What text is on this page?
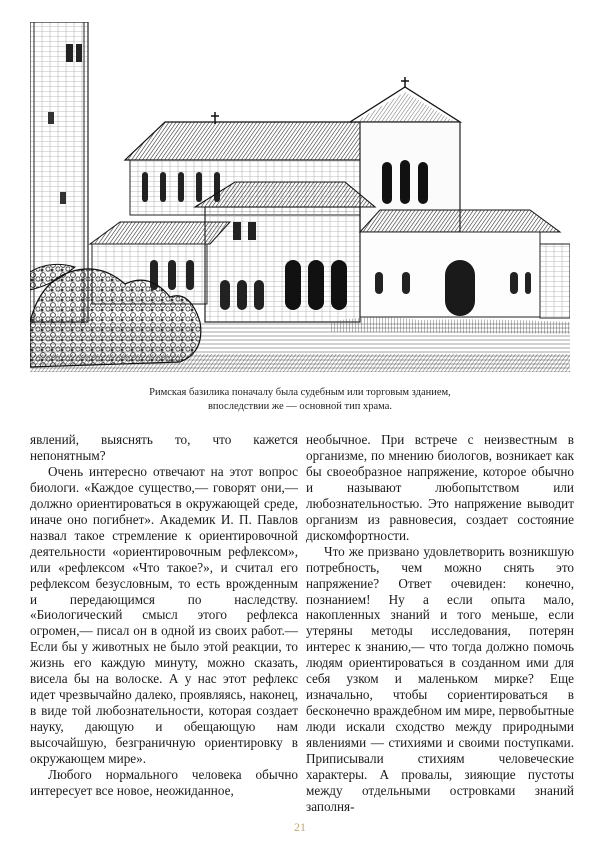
Римская базилика поначалу была судебным или торговым зданием,
впоследствии же — основной тип храма.

явлений, выяснять то, что кажется непонятным?

Очень интересно отвечают на этот вопрос биологи. «Каждое существо,— говорят они,— должно ориентироваться в окружающей среде, иначе оно погибнет». Академик И. П. Павлов назвал такое стремление к ориентировочной деятельности «ориентировочным рефлексом», или «рефлексом «Что такое?», и считал его рефлексом безусловным, то есть врожденным и передающимся по наследству. «Биологический смысл этого рефлекса огромен,— писал он в одной из своих работ.— Если бы у животных не было этой реакции, то жизнь его каждую минуту, можно сказать, висела бы на волоске. А у нас этот рефлекс идет чрезвычайно далеко, проявляясь, наконец, в виде той любознательности, которая создает науку, дающую и обещающую нам высочайшую, безграничную ориентировку в окружающем мире».

Любого нормального человека обычно интересует все новое, неожиданное,

необычное. При встрече с неизвестным в организме, по мнению биологов, возникает как бы своеобразное напряжение, которое обычно и называют любопытством или любознательностью. Это напряжение выводит организм из равновесия, создает состояние дискомфортности.

Что же призвано удовлетворить возникшую потребность, чем можно снять это напряжение? Ответ очевиден: конечно, познанием! Ну а если опыта мало, накопленных знаний и того меньше, если утеряны методы исследования, потерян интерес к знанию,— что тогда должно помочь людям ориентироваться в созданном ими для себя узком и маленьком мирке? Еще изначально, чтобы сориентироваться в бесконечно враждебном им мире, первобытные люди искали сходство между природными явлениями — стихиями и своими поступками. Приписывали стихиям человеческие характеры. А провалы, зияющие пустоты между отдельными островками знаний заполня-

21
